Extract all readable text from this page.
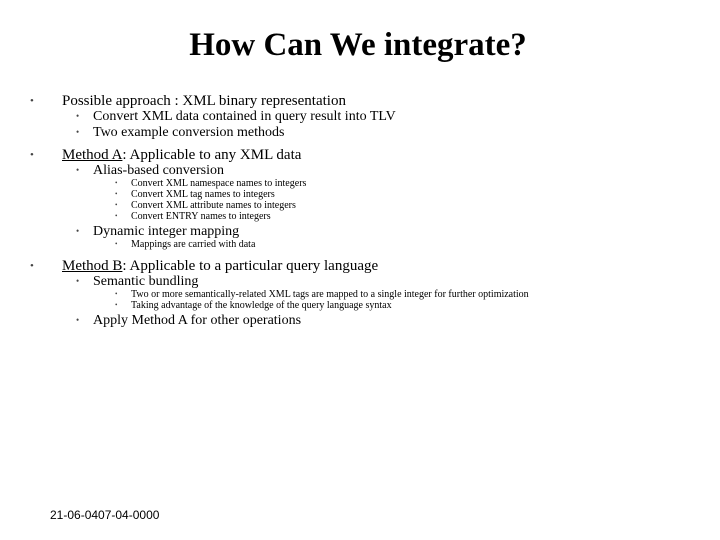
How Can We integrate?
• Possible approach : XML binary representation
• Convert XML data contained in query result into TLV
• Two example conversion methods
• Method A: Applicable to any XML data
• Alias-based conversion
• Convert XML namespace names to integers
• Convert XML tag names to integers
• Convert XML attribute names to integers
• Convert ENTRY names to integers
• Dynamic integer mapping
• Mappings are carried with data
• Method B: Applicable to a particular query language
• Semantic bundling
• Two or more semantically-related XML tags are mapped to a single integer for further optimization
• Taking advantage of the knowledge of the query language syntax
• Apply Method A for other operations
21-06-0407-04-0000
